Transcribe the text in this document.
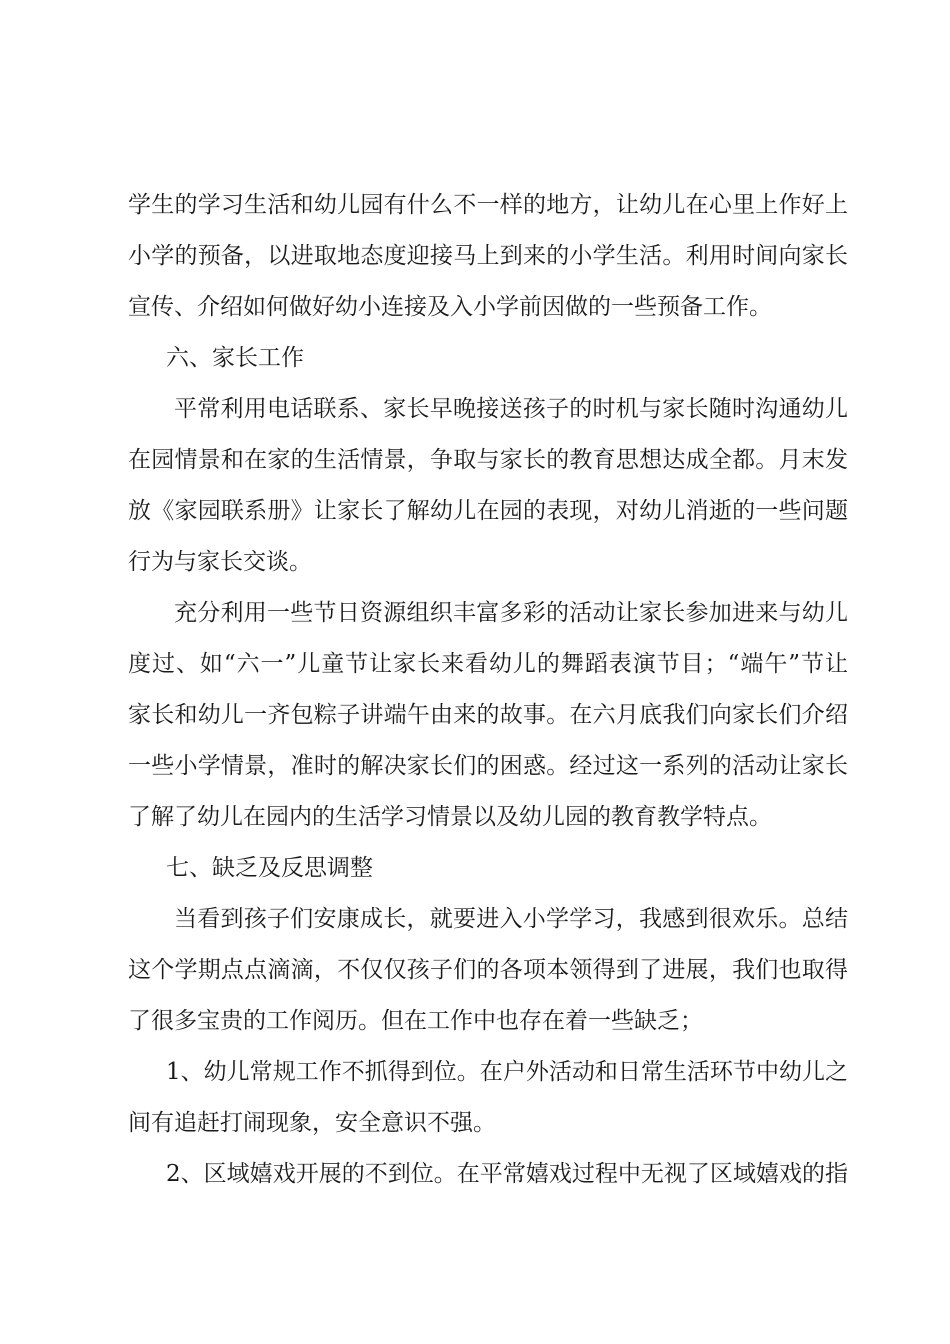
学生的学习生活和幼儿园有什么不一样的地方，让幼儿在心里上作好上
小学的预备，以进取地态度迎接马上到来的小学生活。利用时间向家长
宣传、介绍如何做好幼小连接及入小学前因做的一些预备工作。
六、家长工作
平常利用电话联系、家长早晚接送孩子的时机与家长随时沟通幼儿
在园情景和在家的生活情景，争取与家长的教育思想达成全都。月末发
放《家园联系册》让家长了解幼儿在园的表现，对幼儿消逝的一些问题
行为与家长交谈。
充分利用一些节日资源组织丰富多彩的活动让家长参加进来与幼儿
度过、如“六一”儿童节让家长来看幼儿的舞蹈表演节目；“端午”节让
家长和幼儿一齐包粽子讲端午由来的故事。在六月底我们向家长们介绍
一些小学情景，准时的解决家长们的困惑。经过这一系列的活动让家长
了解了幼儿在园内的生活学习情景以及幼儿园的教育教学特点。
七、缺乏及反思调整
当看到孩子们安康成长，就要进入小学学习，我感到很欢乐。总结
这个学期点点滴滴，不仅仅孩子们的各项本领得到了进展，我们也取得
了很多宝贵的工作阅历。但在工作中也存在着一些缺乏；
1、幼儿常规工作不抓得到位。在户外活动和日常生活环节中幼儿之
间有追赶打闹现象，安全意识不强。
2、区域嬉戏开展的不到位。在平常嬉戏过程中无视了区域嬉戏的指
